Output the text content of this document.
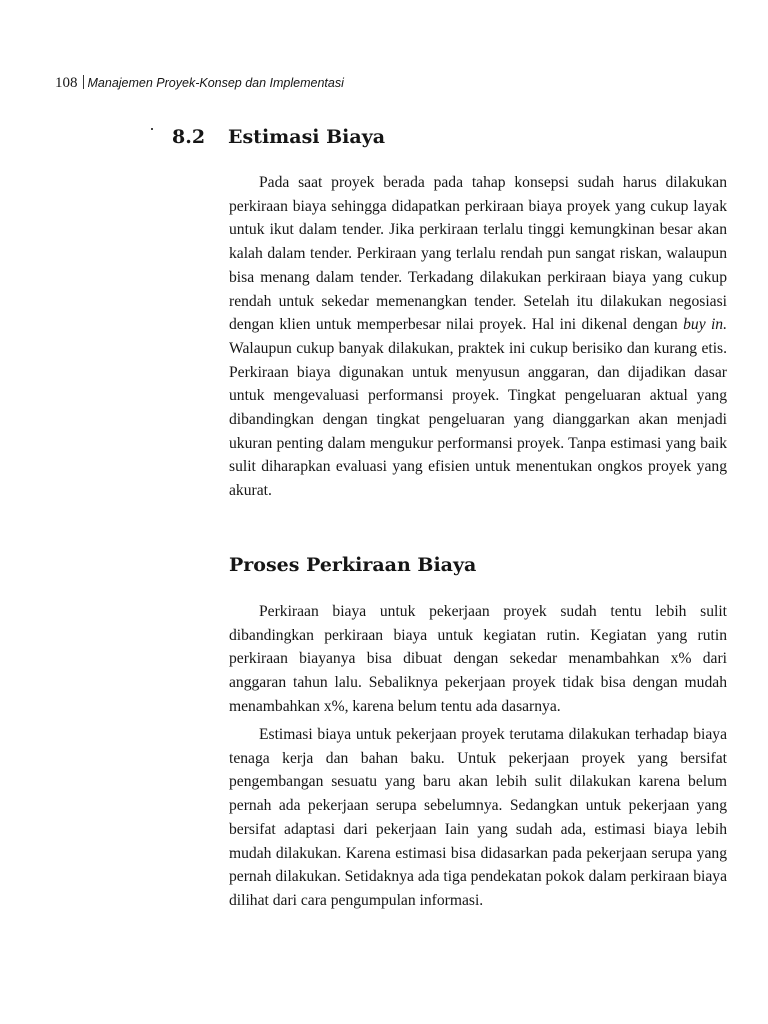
108 Manajemen Proyek-Konsep dan Implementasi
8.2 Estimasi Biaya

Pada saat proyek berada pada tahap konsepsi sudah harus dilakukan perkiraan biaya sehingga didapatkan perkiraan biaya proyek yang cukup layak untuk ikut dalam tender. Jika perkiraan terlalu tinggi kemungkinan besar akan kalah dalam tender. Perkiraan yang terlalu rendah pun sangat riskan, walaupun bisa menang dalam tender. Terkadang dilakukan perkiraan biaya yang cukup rendah untuk sekedar memenangkan tender. Setelah itu dilakukan negosiasi dengan klien untuk memperbesar nilai proyek. Hal ini dikenal dengan buy in. Walaupun cukup banyak dilakukan, praktek ini cukup berisiko dan kurang etis. Perkiraan biaya digunakan untuk menyusun anggaran, dan dijadikan dasar untuk mengevaluasi performansi proyek. Tingkat pengeluaran aktual yang dibandingkan dengan tingkat pengeluaran yang dianggarkan akan menjadi ukuran penting dalam mengukur performansi proyek. Tanpa estimasi yang baik sulit diharapkan evaluasi yang efisien untuk menentukan ongkos proyek yang akurat.

Proses Perkiraan Biaya

Perkiraan biaya untuk pekerjaan proyek sudah tentu lebih sulit dibandingkan perkiraan biaya untuk kegiatan rutin. Kegiatan yang rutin perkiraan biayanya bisa dibuat dengan sekedar menambahkan x% dari anggaran tahun lalu. Sebaliknya pekerjaan proyek tidak bisa dengan mudah menambahkan x%, karena belum tentu ada dasarnya.

Estimasi biaya untuk pekerjaan proyek terutama dilakukan terhadap biaya tenaga kerja dan bahan baku. Untuk pekerjaan proyek yang bersifat pengembangan sesuatu yang baru akan lebih sulit dilakukan karena belum pernah ada pekerjaan serupa sebelumnya. Sedangkan untuk pekerjaan yang bersifat adaptasi dari pekerjaan Iain yang sudah ada, estimasi biaya lebih mudah dilakukan. Karena estimasi bisa didasarkan pada pekerjaan serupa yang pernah dilakukan. Setidaknya ada tiga pendekatan pokok dalam perkiraan biaya dilihat dari cara pengumpulan informasi.
